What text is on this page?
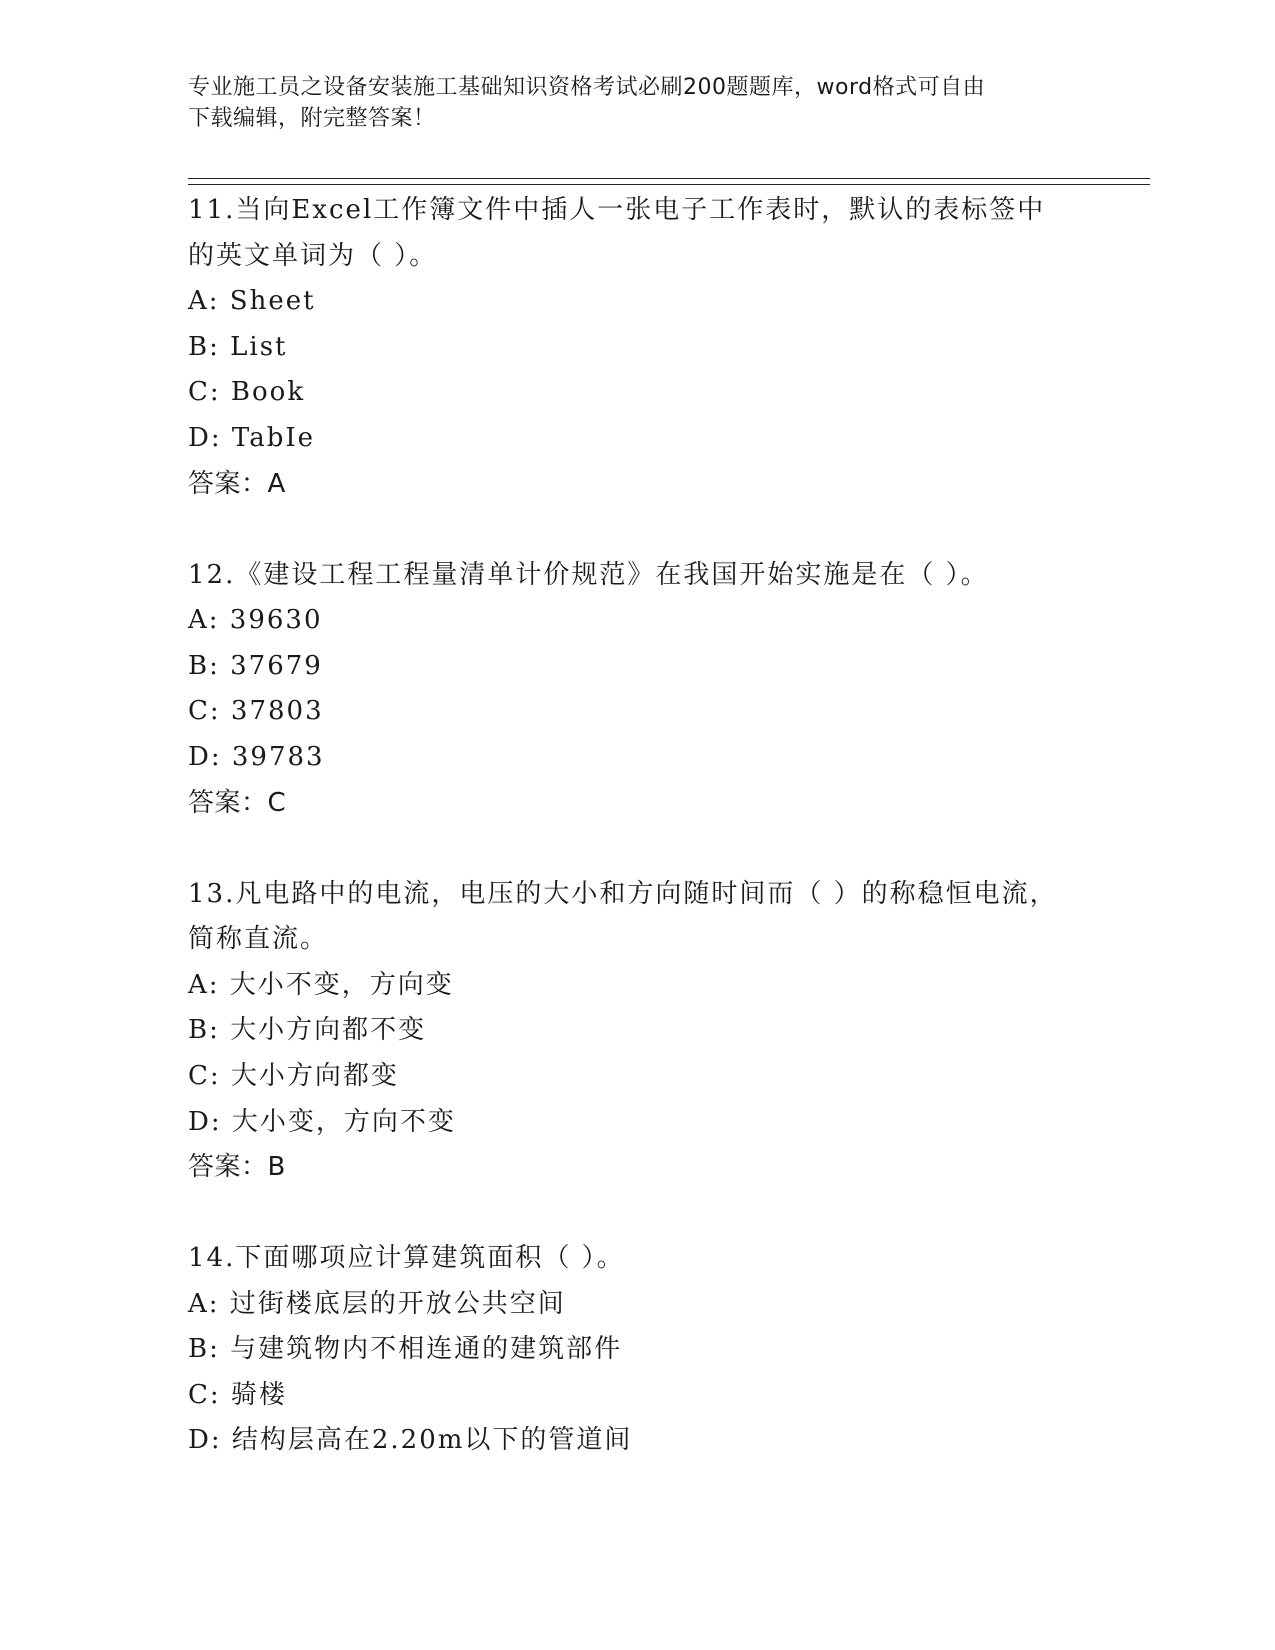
专业施工员之设备安装施工基础知识资格考试必刷200题题库，word格式可自由
下载编辑，附完整答案！

11.当向Excel工作簿文件中插人一张电子工作表时，默认的表标签中的英文单词为（ ）。

A: Sheet

B: List

C: Book

D: TabIe

答案：A

12.《建设工程工程量清单计价规范》在我国开始实施是在（ ）。

A: 39630

B: 37679

C: 37803

D: 39783

答案：C

13.凡电路中的电流，电压的大小和方向随时间而（ ）的称稳恒电流，简称直流。

A: 大小不变，方向变

B: 大小方向都不变

C: 大小方向都变

D: 大小变，方向不变

答案：B

14.下面哪项应计算建筑面积（ ）。

A: 过街楼底层的开放公共空间

B: 与建筑物内不相连通的建筑部件

C: 骑楼

D: 结构层高在2.20m以下的管道间
